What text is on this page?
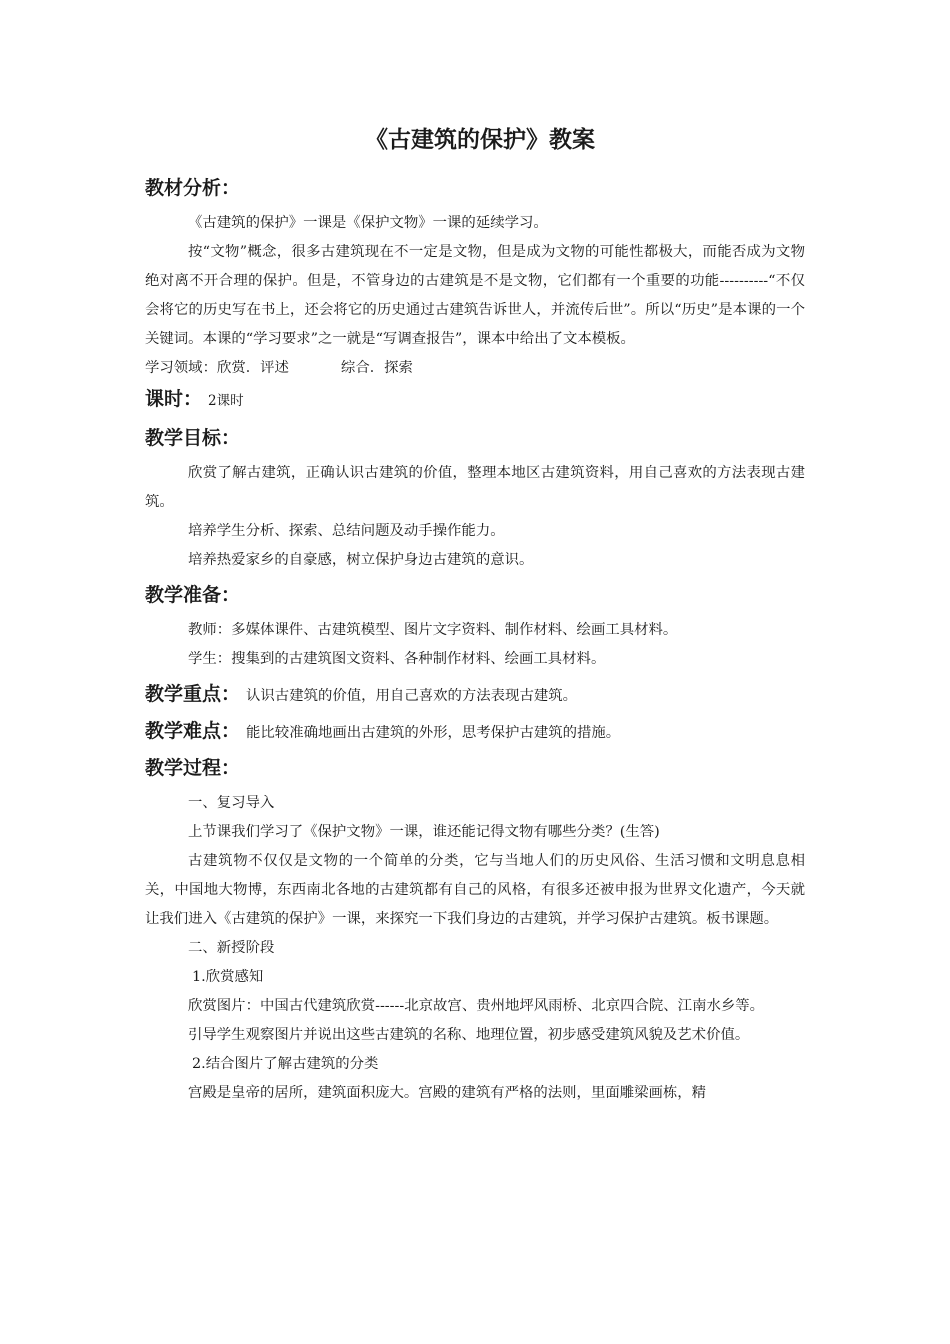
《古建筑的保护》教案
教材分析：

《古建筑的保护》一课是《保护文物》一课的延续学习。

按“文物”概念，很多古建筑现在不一定是文物，但是成为文物的可能性都极大，而能否成为文物绝对离不开合理的保护。但是，不管身边的古建筑是不是文物，它们都有一个重要的功能----------“不仅会将它的历史写在书上，还会将它的历史通过古建筑告诉世人，并流传后世”。所以“历史”是本课的一个关键词。本课的“学习要求”之一就是“写调查报告”，课本中给出了文本模板。

学习领域：欣赏．评述	综合．探索
课时： 2课时
教学目标：

欣赏了解古建筑，正确认识古建筑的价值，整理本地区古建筑资料，用自己喜欢的方法表现古建筑。

培养学生分析、探索、总结问题及动手操作能力。

培养热爱家乡的自豪感，树立保护身边古建筑的意识。

教学准备：

教师：多媒体课件、古建筑模型、图片文字资料、制作材料、绘画工具材料。

学生：搜集到的古建筑图文资料、各种制作材料、绘画工具材料。

教学重点： 认识古建筑的价值，用自己喜欢的方法表现古建筑。
教学难点： 能比较准确地画出古建筑的外形，思考保护古建筑的措施。
教学过程：

一、复习导入

上节课我们学习了《保护文物》一课，谁还能记得文物有哪些分类？(生答)

古建筑物不仅仅是文物的一个简单的分类，它与当地人们的历史风俗、生活习惯和文明息息相关，中国地大物博，东西南北各地的古建筑都有自己的风格，有很多还被申报为世界文化遗产，今天就让我们进入《古建筑的保护》一课，来探究一下我们身边的古建筑，并学习保护古建筑。板书课题。

二、新授阶段

1.欣赏感知

欣赏图片：中国古代建筑欣赏------北京故宫、贵州地坪风雨桥、北京四合院、江南水乡等。

引导学生观察图片并说出这些古建筑的名称、地理位置，初步感受建筑风貌及艺术价值。

2.结合图片了解古建筑的分类

宫殿是皇帝的居所，建筑面积庞大。宫殿的建筑有严格的法则，里面雕梁画栋，精
